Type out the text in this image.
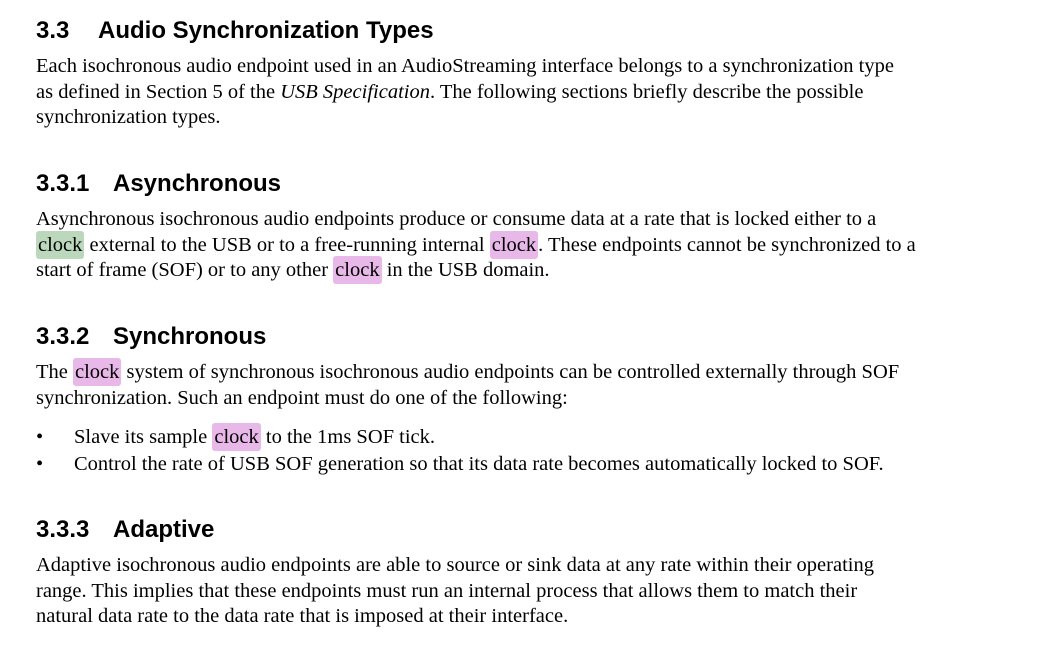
3.3 Audio Synchronization Types

Each isochronous audio endpoint used in an AudioStreaming interface belongs to a synchronization type
as defined in Section 5 of the USB Specification. The following sections briefly describe the possible
synchronization types.

3.3.1 Asynchronous

Asynchronous isochronous audio endpoints produce or consume data at a rate that is locked either to a
clock external to the USB or to a free-running internal clock. These endpoints cannot be synchronized to a
start of frame (SOF) or to any other clock in the USB domain.

3.3.2 Synchronous

The clock system of synchronous isochronous audio endpoints can be controlled externally through SOF
synchronization. Such an endpoint must do one of the following:

• Slave its sample clock to the 1ms SOF tick.
• Control the rate of USB SOF generation so that its data rate becomes automatically locked to SOF.
3.3.3 Adaptive

Adaptive isochronous audio endpoints are able to source or sink data at any rate within their operating
range. This implies that these endpoints must run an internal process that allows them to match their
natural data rate to the data rate that is imposed at their interface.
